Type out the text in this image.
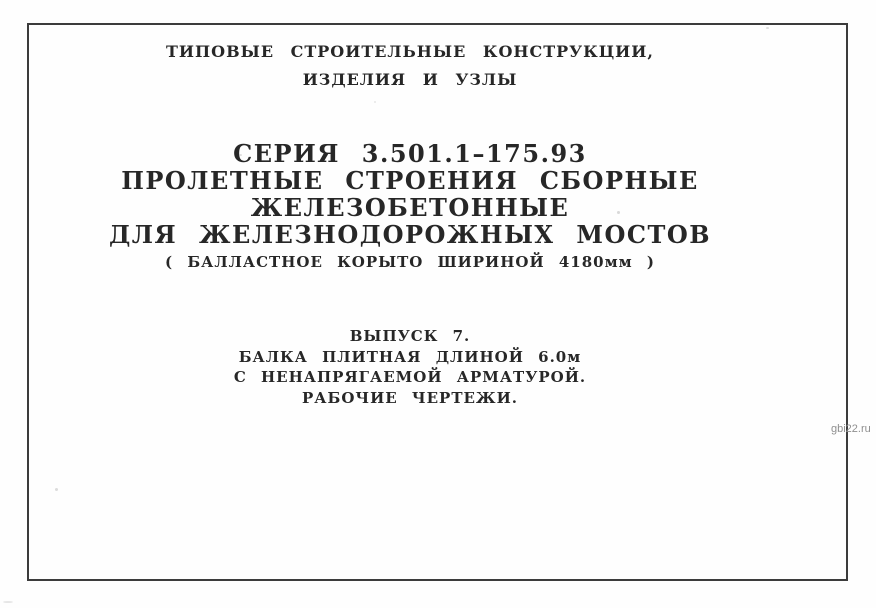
ТИПОВЫЕ СТРОИТЕЛЬНЫЕ КОНСТРУКЦИИ,
ИЗДЕЛИЯ И УЗЛЫ
СЕРИЯ 3.501.1–175.93
ПРОЛЕТНЫЕ СТРОЕНИЯ СБОРНЫЕ
ЖЕЛЕЗОБЕТОННЫЕ
ДЛЯ ЖЕЛЕЗНОДОРОЖНЫХ МОСТОВ
( БАЛЛАСТНОЕ КОРЫТО ШИРИНОЙ 4180мм )
ВЫПУСК 7.
БАЛКА ПЛИТНАЯ ДЛИНОЙ 6.0м
С НЕНАПРЯГАЕМОЙ АРМАТУРОЙ.
РАБОЧИЕ ЧЕРТЕЖИ.
gbi22.ru
